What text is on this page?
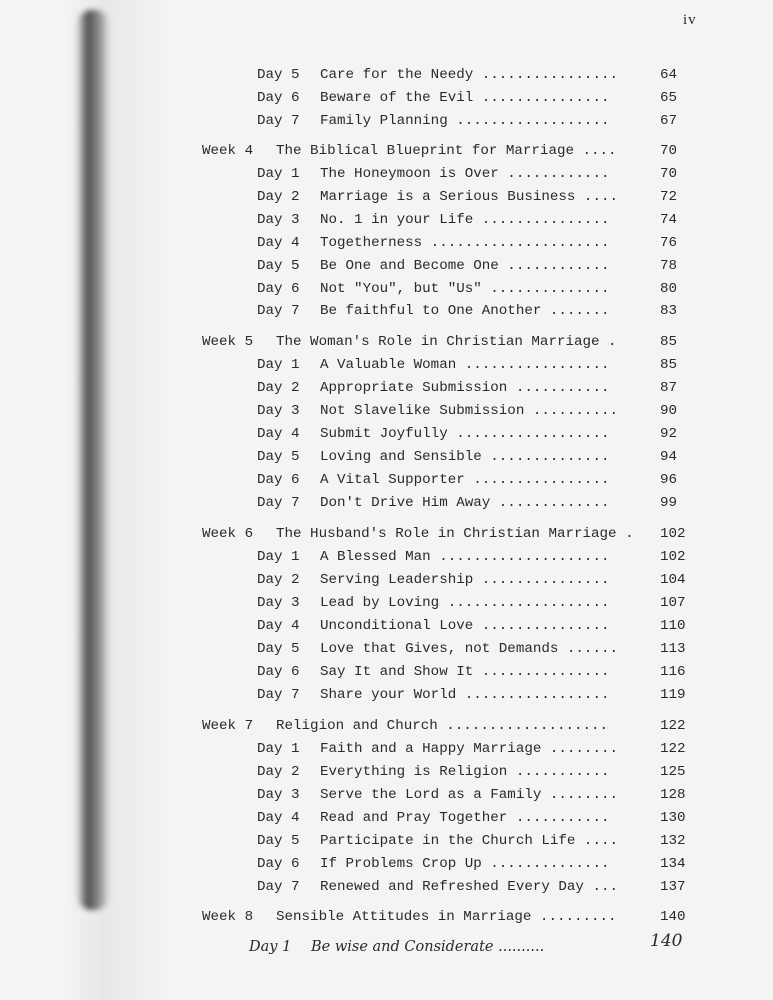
iv
Day 5 Care for the Needy ................	64
Day 6 Beware of the Evil ...............	65
Day 7 Family Planning ..................	67
Week 4 The Biblical Blueprint for Marriage ....	70
Day 1 The Honeymoon is Over ............	70
Day 2 Marriage is a Serious Business ....	72
Day 3 No. 1 in your Life ...............	74
Day 4 Togetherness .....................	76
Day 5 Be One and Become One ............	78
Day 6 Not "You", but "Us" ..............	80
Day 7 Be faithful to One Another .......	83
Week 5 The Woman's Role in Christian Marriage .	85
Day 1 A Valuable Woman .................	85
Day 2 Appropriate Submission ...........	87
Day 3 Not Slavelike Submission ..........	90
Day 4 Submit Joyfully ..................	92
Day 5 Loving and Sensible ..............	94
Day 6 A Vital Supporter ................	96
Day 7 Don't Drive Him Away .............	99
Week 6 The Husband's Role in Christian Marriage . 102
Day 1 A Blessed Man ....................	102
Day 2 Serving Leadership ...............	104
Day 3 Lead by Loving ...................	107
Day 4 Unconditional Love ...............	110
Day 5 Love that Gives, not Demands ......	113
Day 6 Say It and Show It ...............	116
Day 7 Share your World .................	119
Week 7 Religion and Church ...................	122
Day 1 Faith and a Happy Marriage ........	122
Day 2 Everything is Religion ...........	125
Day 3 Serve the Lord as a Family ........	128
Day 4 Read and Pray Together ...........	130
Day 5 Participate in the Church Life ....	132
Day 6 If Problems Crop Up ..............	134
Day 7 Renewed and Refreshed Every Day ...	137
Week 8 Sensible Attitudes in Marriage .........	140
Day 1 Be wise and Considerate ..........	140
